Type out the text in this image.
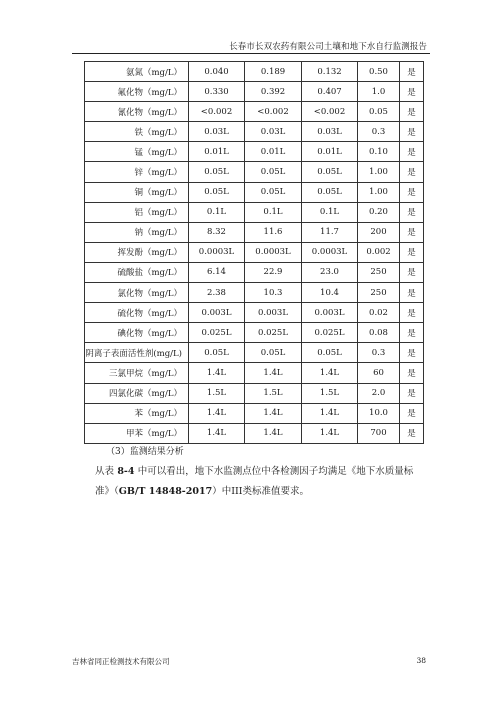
长春市长双农药有限公司土壤和地下水自行监测报告
氨氮（mg/L）	0.040	0.189	0.132	0.50	是
氟化物（mg/L）	0.330	0.392	0.407	1.0	是
氰化物（mg/L）	<0.002	<0.002	<0.002	0.05	是
铁（mg/L）	0.03L	0.03L	0.03L	0.3	是
锰（mg/L）	0.01L	0.01L	0.01L	0.10	是
锌（mg/L）	0.05L	0.05L	0.05L	1.00	是
铜（mg/L）	0.05L	0.05L	0.05L	1.00	是
铝（mg/L）	0.1L	0.1L	0.1L	0.20	是
钠（mg/L）	8.32	11.6	11.7	200	是
挥发酚（mg/L）	0.0003L	0.0003L	0.0003L	0.002	是
硫酸盐（mg/L）	6.14	22.9	23.0	250	是
氯化物（mg/L）	2.38	10.3	10.4	250	是
硫化物（mg/L）	0.003L	0.003L	0.003L	0.02	是
碘化物（mg/L）	0.025L	0.025L	0.025L	0.08	是
阴离子表面活性剂(mg/L)	0.05L	0.05L	0.05L	0.3	是
三氯甲烷（mg/L）	1.4L	1.4L	1.4L	60	是
四氯化碳（mg/L）	1.5L	1.5L	1.5L	2.0	是
苯（mg/L）	1.4L	1.4L	1.4L	10.0	是
甲苯（mg/L）	1.4L	1.4L	1.4L	700	是
（3）监测结果分析
从表 8-4 中可以看出，地下水监测点位中各检测因子均满足《地下水质量标准》（GB/T 14848-2017）中III类标准值要求。
吉林省同正检测技术有限公司	38
